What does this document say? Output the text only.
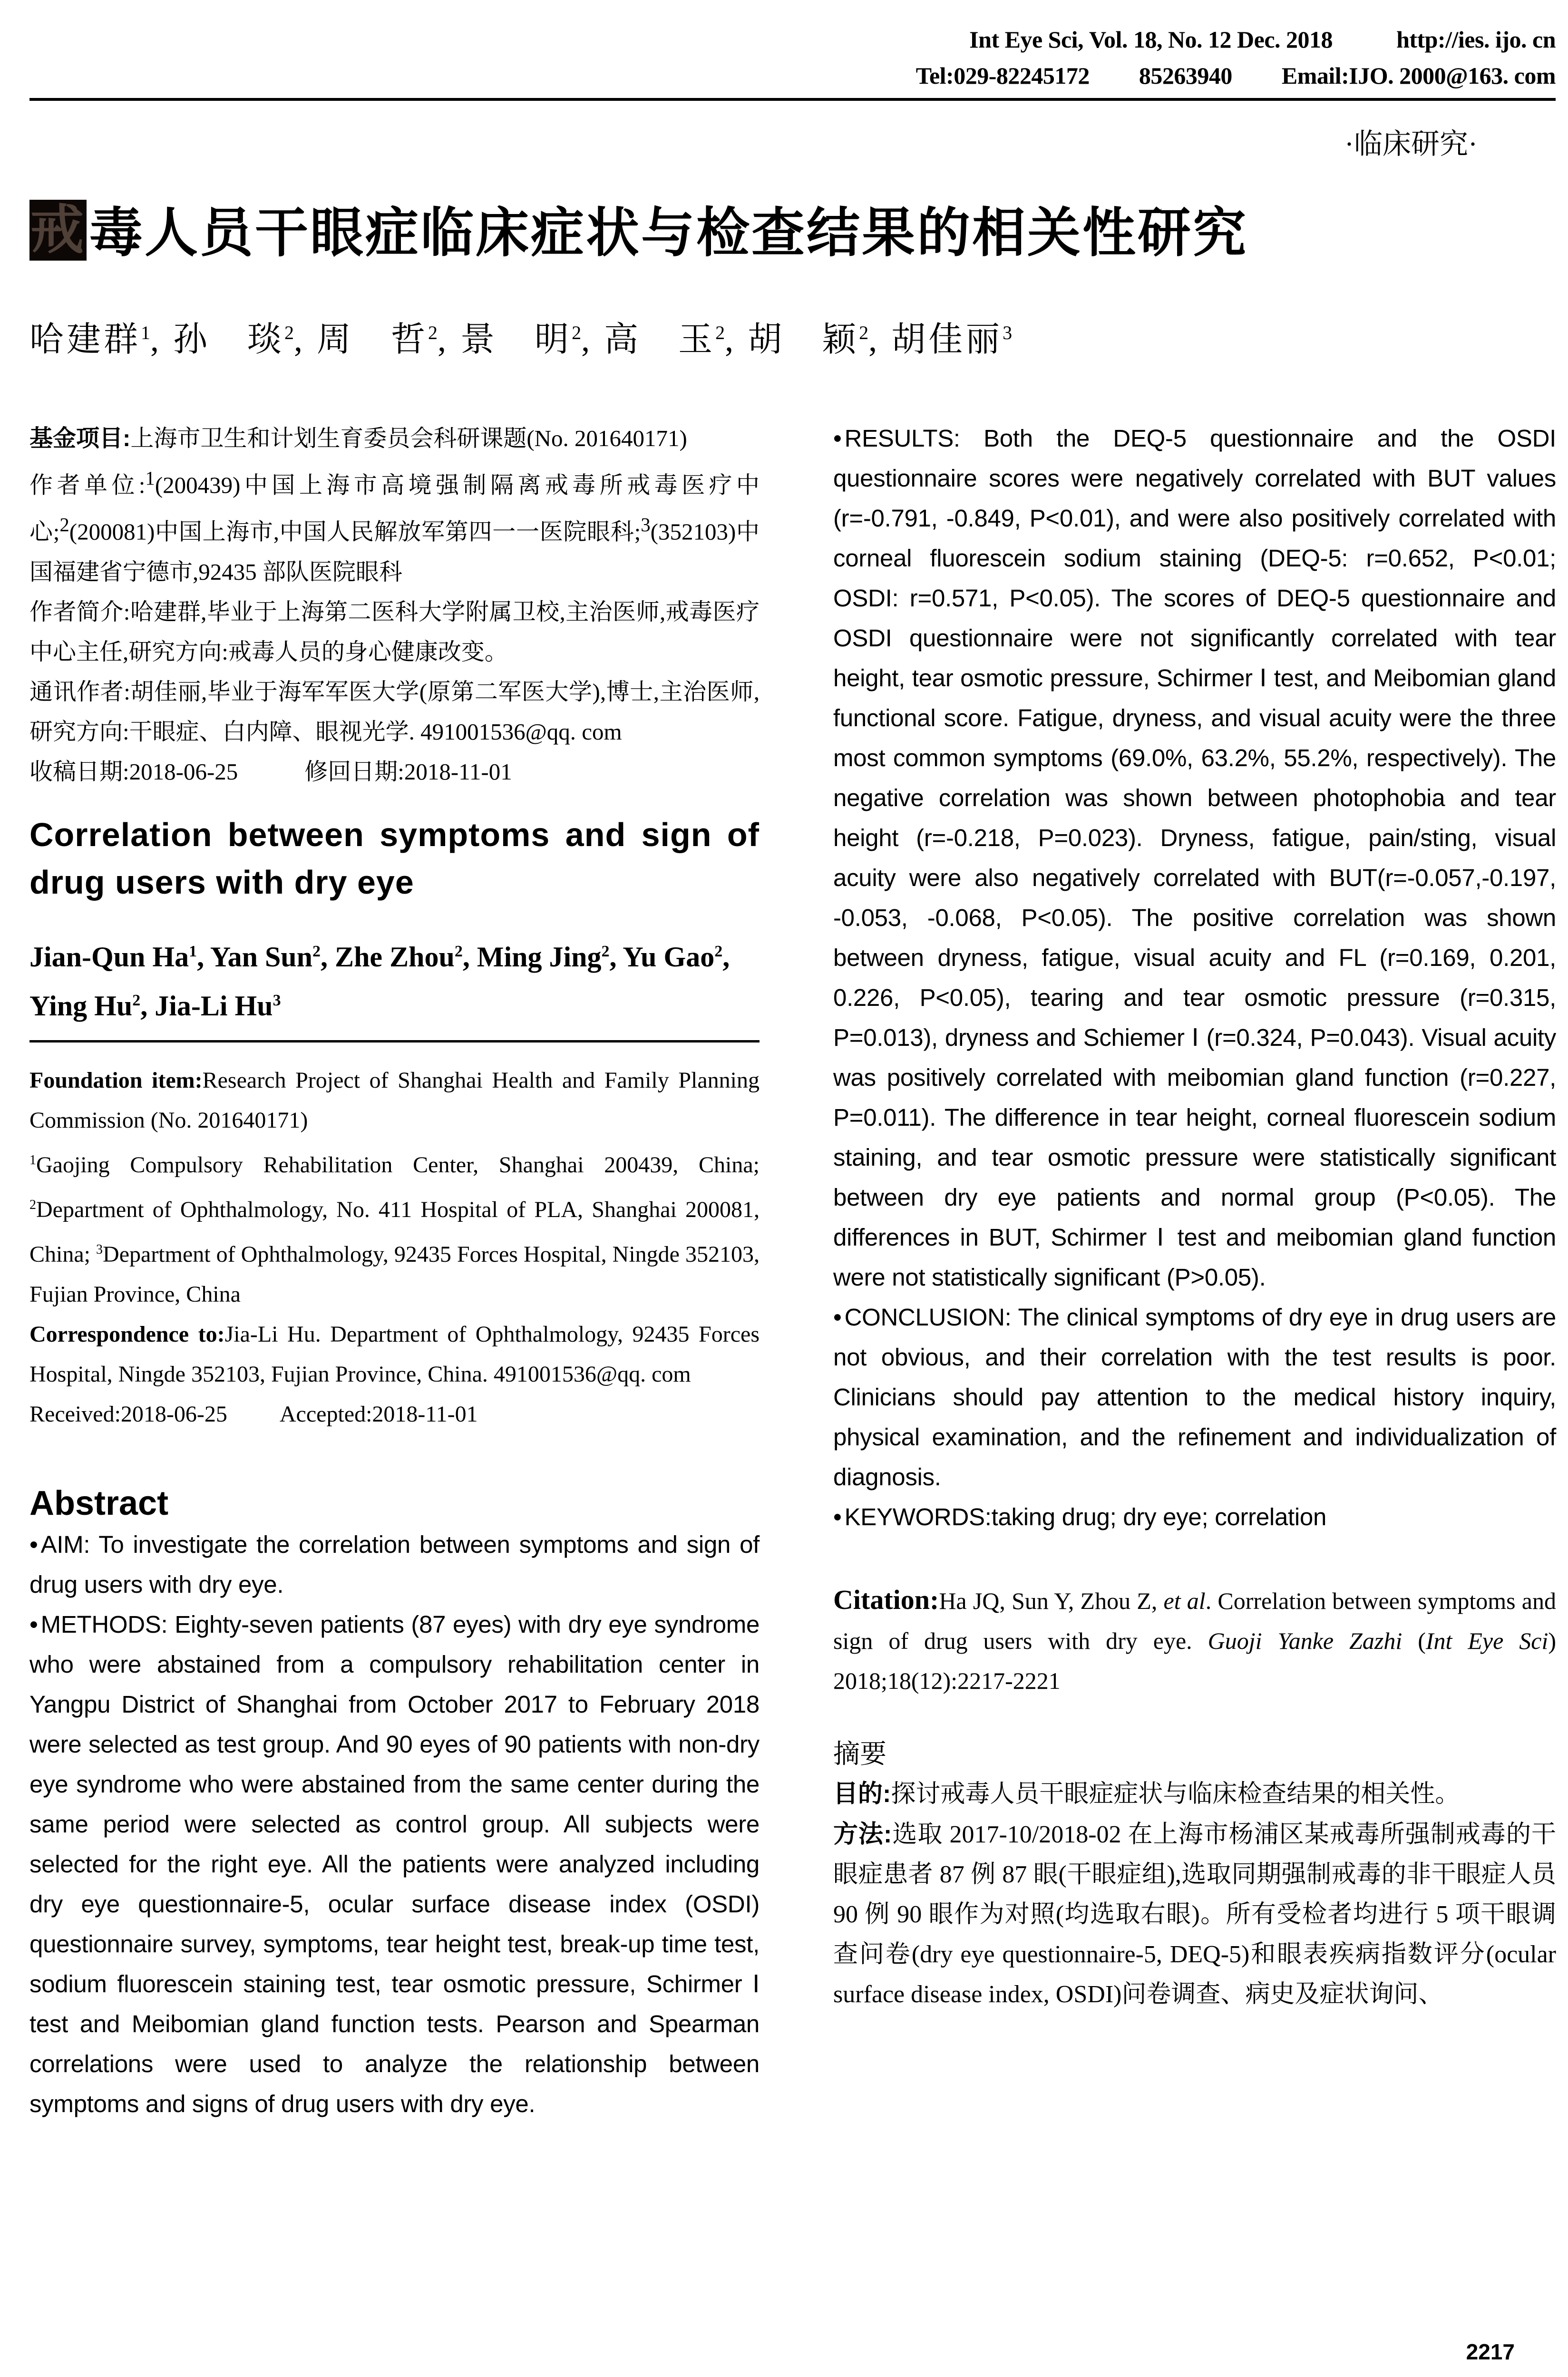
Int Eye Sci, Vol. 18, No. 12 Dec. 2018	http://ies. ijo. cn
Tel:029-82245172 85263940 Email:IJO. 2000@163. com
·临床研究·
戒毒人员干眼症临床症状与检查结果的相关性研究
哈建群$^1$, 孙　琰$^2$, 周　哲$^2$, 景　明$^2$, 高　玉$^2$, 胡　颖$^2$, 胡佳丽$^3$
基金项目:上海市卫生和计划生育委员会科研课题(No. 201640171)
作者单位:$^1$(200439)中国上海市高境强制隔离戒毒所戒毒医疗中心;$^2$(200081)中国上海市,中国人民解放军第四一一医院眼科;$^3$(352103)中国福建省宁德市,92435 部队医院眼科
作者简介:哈建群,毕业于上海第二医科大学附属卫校,主治医师,戒毒医疗中心主任,研究方向:戒毒人员的身心健康改变。
通讯作者:胡佳丽,毕业于海军军医大学(原第二军医大学),博士,主治医师,研究方向:干眼症、白内障、眼视光学. 491001536@qq. com
收稿日期:2018-06-25	修回日期:2018-11-01
Correlation between symptoms and sign of drug users with dry eye
Jian-Qun Ha$^1$, Yan Sun$^2$, Zhe Zhou$^2$, Ming Jing$^2$, Yu Gao$^2$, Ying Hu$^2$, Jia-Li Hu$^3$
Foundation item:Research Project of Shanghai Health and Family Planning Commission (No. 201640171)
$^1$Gaojing Compulsory Rehabilitation Center, Shanghai 200439, China; $^2$Department of Ophthalmology, No. 411 Hospital of PLA, Shanghai 200081, China; $^3$Department of Ophthalmology, 92435 Forces Hospital, Ningde 352103, Fujian Province, China
Correspondence to:Jia-Li Hu. Department of Ophthalmology, 92435 Forces Hospital, Ningde 352103, Fujian Province, China. 491001536@qq. com
Received:2018-06-25 Accepted:2018-11-01
Abstract

• AIM: To investigate the correlation between symptoms and sign of drug users with dry eye.

• METHODS: Eighty-seven patients (87 eyes) with dry eye syndrome who were abstained from a compulsory rehabilitation center in Yangpu District of Shanghai from October 2017 to February 2018 were selected as test group. And 90 eyes of 90 patients with non-dry eye syndrome who were abstained from the same center during the same period were selected as control group. All subjects were selected for the right eye. All the patients were analyzed including dry eye questionnaire-5, ocular surface disease index (OSDI) questionnaire survey, symptoms, tear height test, break-up time test, sodium fluorescein staining test, tear osmotic pressure, Schirmer Ⅰ test and Meibomian gland function tests. Pearson and Spearman correlations were used to analyze the relationship between symptoms and signs of drug users with dry eye.

• RESULTS: Both the DEQ-5 questionnaire and the OSDI questionnaire scores were negatively correlated with BUT values (r=-0.791, -0.849, P<0.01), and were also positively correlated with corneal fluorescein sodium staining (DEQ-5: r=0.652, P<0.01; OSDI: r=0.571, P<0.05). The scores of DEQ-5 questionnaire and OSDI questionnaire were not significantly correlated with tear height, tear osmotic pressure, Schirmer Ⅰ test, and Meibomian gland functional score. Fatigue, dryness, and visual acuity were the three most common symptoms (69.0%, 63.2%, 55.2%, respectively). The negative correlation was shown between photophobia and tear height (r=-0.218, P=0.023). Dryness, fatigue, pain/sting, visual acuity were also negatively correlated with BUT(r=-0.057,-0.197, -0.053, -0.068, P<0.05). The positive correlation was shown between dryness, fatigue, visual acuity and FL (r=0.169, 0.201, 0.226, P<0.05), tearing and tear osmotic pressure (r=0.315, P=0.013), dryness and Schiemer Ⅰ (r=0.324, P=0.043). Visual acuity was positively correlated with meibomian gland function (r=0.227, P=0.011). The difference in tear height, corneal fluorescein sodium staining, and tear osmotic pressure were statistically significant between dry eye patients and normal group (P<0.05). The differences in BUT, Schirmer Ⅰ test and meibomian gland function were not statistically significant (P>0.05).

• CONCLUSION: The clinical symptoms of dry eye in drug users are not obvious, and their correlation with the test results is poor. Clinicians should pay attention to the medical history inquiry, physical examination, and the refinement and individualization of diagnosis.

• KEYWORDS:taking drug; dry eye; correlation

Citation:Ha JQ, Sun Y, Zhou Z, et al. Correlation between symptoms and sign of drug users with dry eye. Guoji Yanke Zazhi (Int Eye Sci) 2018;18(12):2217-2221
摘要
目的:探讨戒毒人员干眼症症状与临床检查结果的相关性。
方法:选取 2017-10/2018-02 在上海市杨浦区某戒毒所强制戒毒的干眼症患者 87 例 87 眼(干眼症组),选取同期强制戒毒的非干眼症人员 90 例 90 眼作为对照(均选取右眼)。所有受检者均进行 5 项干眼调查问卷(dry eye questionnaire-5, DEQ-5)和眼表疾病指数评分(ocular surface disease index, OSDI)问卷调查、病史及症状询问、
2217
